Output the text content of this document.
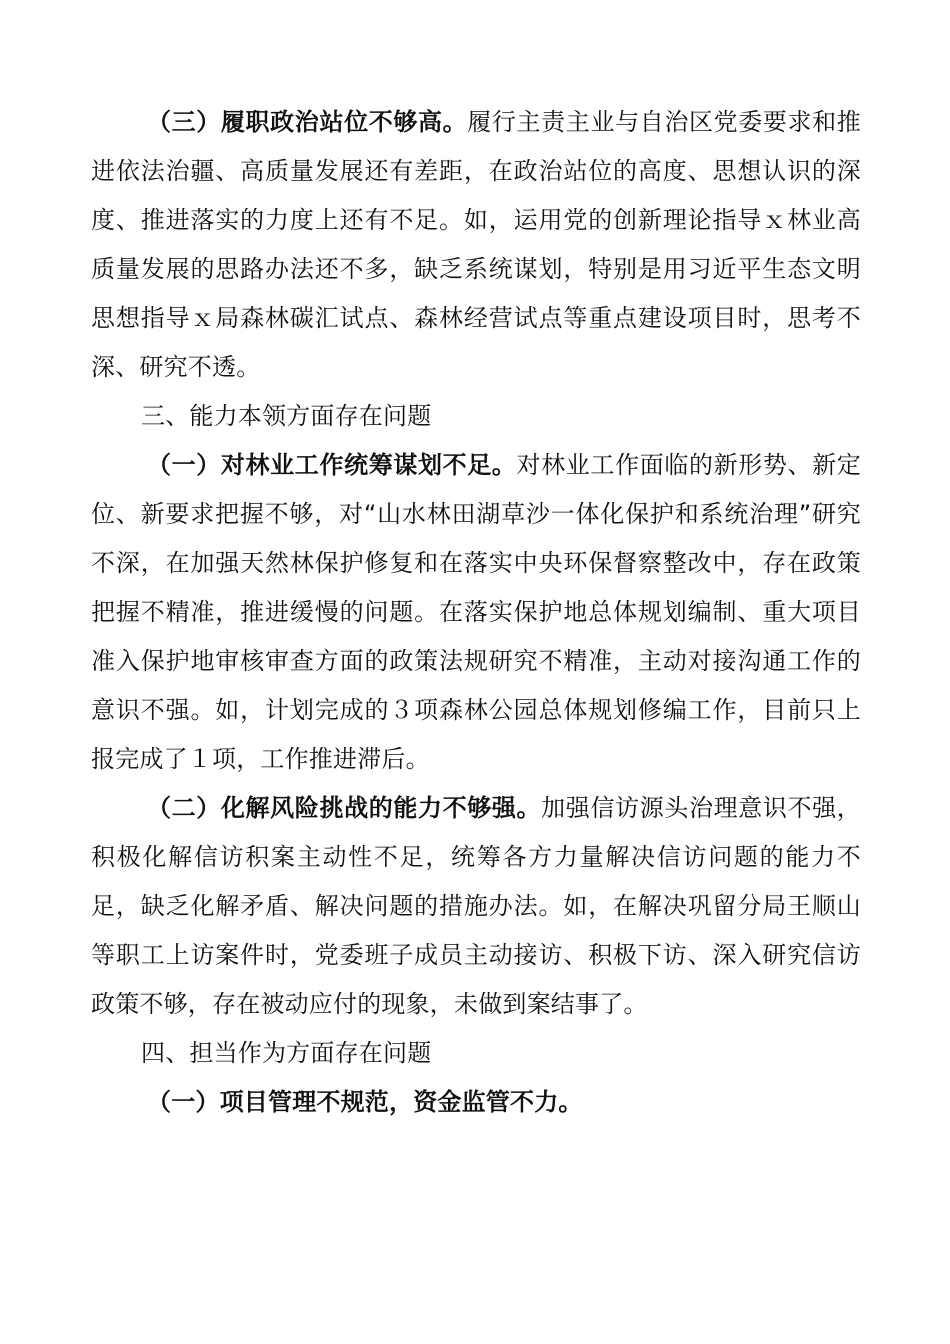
（三）履职政治站位不够高。履行主责主业与自治区党委要求和推进依法治疆、高质量发展还有差距，在政治站位的高度、思想认识的深度、推进落实的力度上还有不足。如，运用党的创新理论指导ｘ林业高质量发展的思路办法还不多，缺乏系统谋划，特别是用习近平生态文明思想指导ｘ局森林碳汇试点、森林经营试点等重点建设项目时，思考不深、研究不透。

三、能力本领方面存在问题

（一）对林业工作统筹谋划不足。对林业工作面临的新形势、新定位、新要求把握不够，对“山水林田湖草沙一体化保护和系统治理”研究不深，在加强天然林保护修复和在落实中央环保督察整改中，存在政策把握不精准，推进缓慢的问题。在落实保护地总体规划编制、重大项目准入保护地审核审查方面的政策法规研究不精准，主动对接沟通工作的意识不强。如，计划完成的３项森林公园总体规划修编工作，目前只上报完成了１项，工作推进滞后。

（二）化解风险挑战的能力不够强。加强信访源头治理意识不强，积极化解信访积案主动性不足，统筹各方力量解决信访问题的能力不足，缺乏化解矛盾、解决问题的措施办法。如，在解决巩留分局王顺山等职工上访案件时，党委班子成员主动接访、积极下访、深入研究信访政策不够，存在被动应付的现象，未做到案结事了。

四、担当作为方面存在问题

（一）项目管理不规范，资金监管不力。
